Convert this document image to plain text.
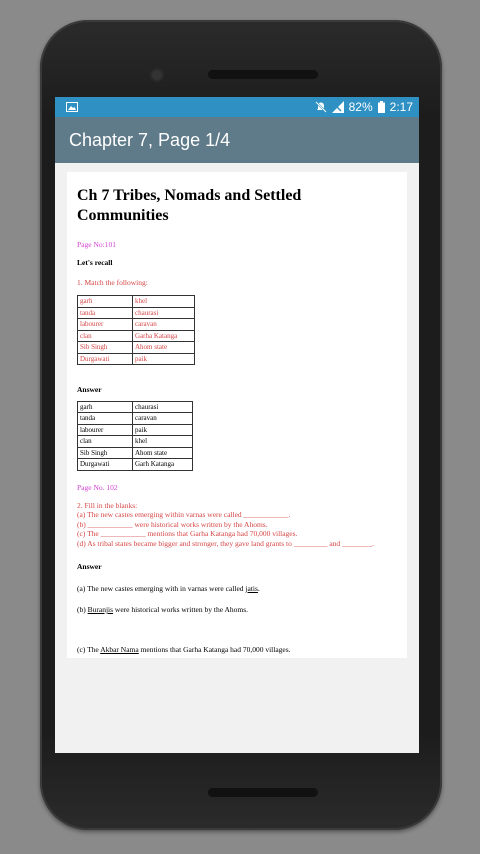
82% 2:17
Chapter 7, Page 1/4
Ch 7 Tribes, Nomads and Settled
Communities
Page No:101
Let's recall
1. Match the following:
garh	khel
tanda	chaurasi
labourer	caravan
clan	Garha Katanga
Sib Singh	Ahom state
Durgawati	paik
Answer
garh	chaurasi
tanda	caravan
labourer	paik
clan	khel
Sib Singh	Ahom state
Durgawati	Garh Katanga
Page No. 102
2. Fill in the blanks:
(a) The new castes emerging within varnas were called ____________.
(b) ____________ were historical works written by the Ahoms.
(c) The ____________ mentions that Garha Katanga had 70,000 villages.
(d) As tribal states became bigger and stronger, they gave land grants to _________ and ________.
Answer
(a) The new castes emerging with in varnas were called jatis.
(b) Buranjis were historical works written by the Ahoms.
(c) The Akbar Nama mentions that Garha Katanga had 70,000 villages.
